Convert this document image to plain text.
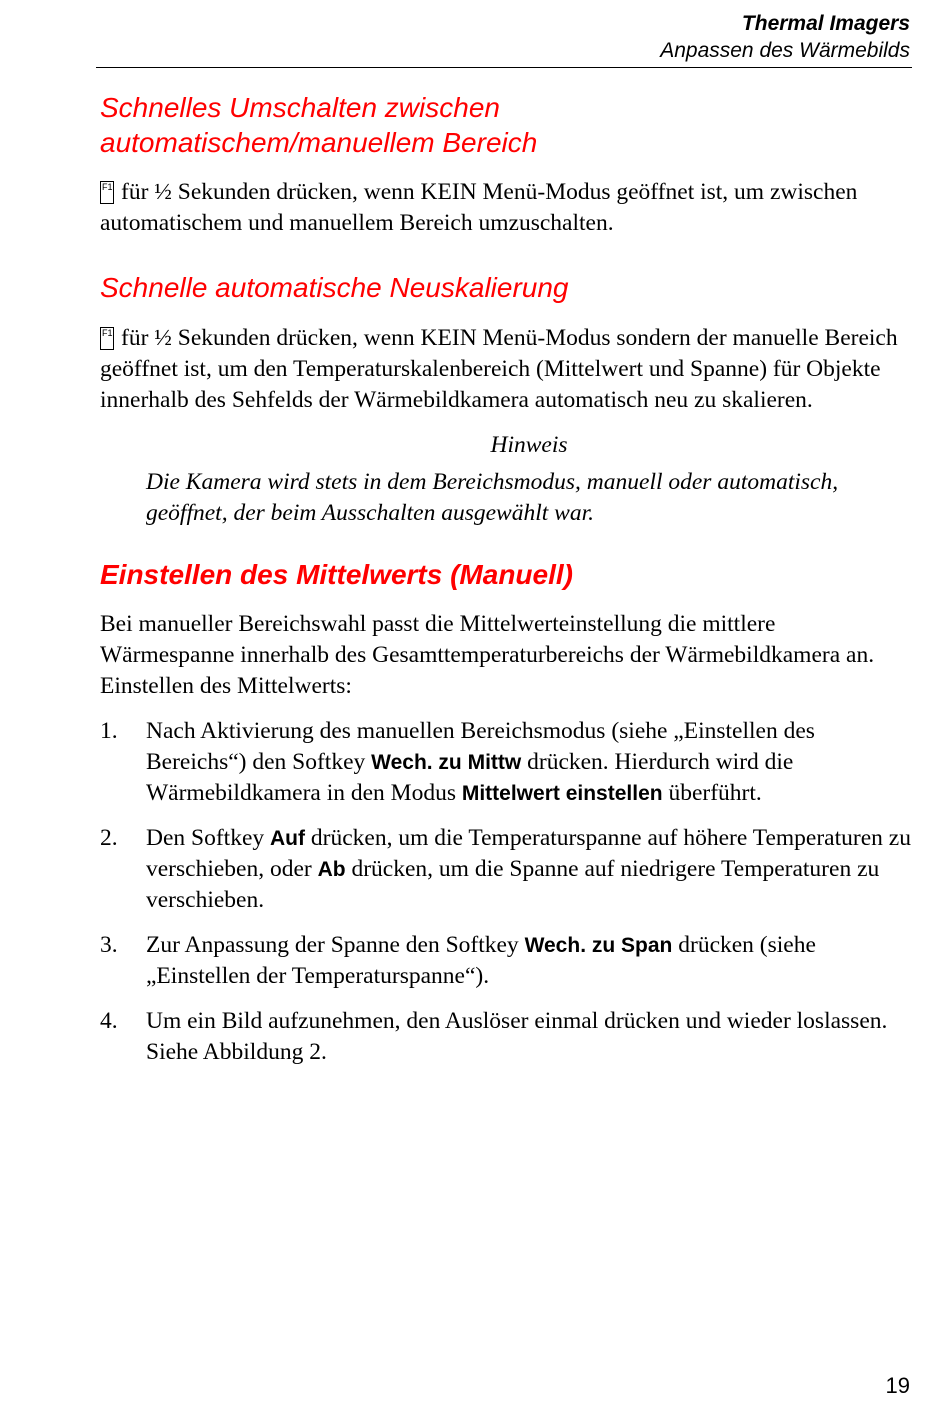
Thermal Imagers
Anpassen des Wärmebilds
Schnelles Umschalten zwischen
automatischem/manuellem Bereich

F1 für ½ Sekunden drücken, wenn KEIN Menü-Modus geöffnet ist, um zwischen automatischem und manuellem Bereich umzuschalten.

Schnelle automatische Neuskalierung

F1 für ½ Sekunden drücken, wenn KEIN Menü-Modus sondern der manuelle Bereich geöffnet ist, um den Temperaturskalenbereich (Mittelwert und Spanne) für Objekte innerhalb des Sehfelds der Wärmebildkamera automatisch neu zu skalieren.

Hinweis
Die Kamera wird stets in dem Bereichsmodus, manuell oder automatisch, geöffnet, der beim Ausschalten ausgewählt war.
Einstellen des Mittelwerts (Manuell)

Bei manueller Bereichswahl passt die Mittelwerteinstellung die mittlere Wärmespanne innerhalb des Gesamttemperaturbereichs der Wärmebildkamera an. Einstellen des Mittelwerts:

1. Nach Aktivierung des manuellen Bereichsmodus (siehe „Einstellen des Bereichs“) den Softkey Wech. zu Mittw drücken. Hierdurch wird die Wärmebildkamera in den Modus Mittelwert einstellen überführt.
2. Den Softkey Auf drücken, um die Temperaturspanne auf höhere Temperaturen zu verschieben, oder Ab drücken, um die Spanne auf niedrigere Temperaturen zu verschieben.
3. Zur Anpassung der Spanne den Softkey Wech. zu Span drücken (siehe „Einstellen der Temperaturspanne“).
4. Um ein Bild aufzunehmen, den Auslöser einmal drücken und wieder loslassen. Siehe Abbildung 2.
19
